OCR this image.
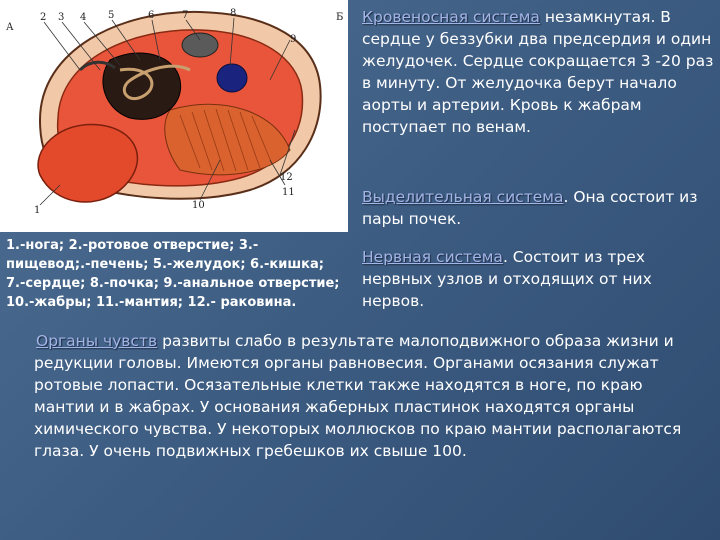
А
Б
1
2 3 4 5	6	7	8
9
10
11
12
1.-нога; 2.-ротовое отверстие; 3.-пищевод;.-печень; 5.-желудок; 6.-кишка; 7.-сердце; 8.-почка; 9.-анальное отверстие; 10.-жабры; 11.-мантия; 12.- раковина.
Кровеносная система незамкнутая. В сердце у беззубки два предсердия и один желудочек. Сердце сокращается 3 -20 раз в минуту. От желудочка берут начало аорты и артерии. Кровь к жабрам поступает по венам.
Выделительная система. Она состоит из пары почек.
Нервная система. Состоит из трех нервных узлов и отходящих от них нервов.
Органы чувств развиты слабо в результате малоподвижного образа жизни и редукции головы. Имеются органы равновесия. Органами осязания служат ротовые лопасти. Осязательные клетки также находятся в ноге, по краю мантии и в жабрах. У основания жаберных пластинок находятся органы химического чувства. У некоторых моллюсков по краю мантии располагаются глаза. У очень подвижных гребешков их свыше 100.
